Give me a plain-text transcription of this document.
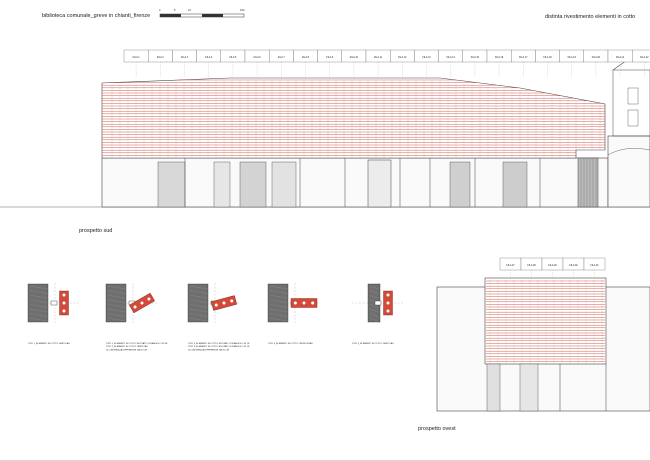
biblioteca comunale_greve in chianti_firenze	distinta rivestimento elementi in cotto
0	5	10	15m
FILA 1	FILA 2	FILA 3	FILA 4	FILA 5	FILA 6	FILA 7	FILA 8	FILA 9	FILA 10	FILA 11	FILA 12	FILA 13	FILA 14	FILA 15	FILA 16	FILA 17	FILA 18	FILA 19	FILA 20	FILA 21	FILA 22
prospetto sud
TIPO 1_ELEMENTI IN COTTO VERTICALI	TIPO 2_ELEMENTI IN COTTO RUOTATI CON ANGOLO DI 30°
TIPO 2_ELEMENTI IN COTTO VERTICALI
DI LUNGHEZZA DIFFERENTE DA 25 CM
TIPO 3_ELEMENTI IN COTTO RUOTATI CON ANGOLO DI 15°
TIPO 3_ELEMENTI IN COTTO RUOTATI CON ANGOLO DI 15°
DI LUNGHEZZA DIFFERENTE DA 25 CM
TIPO 4_ELEMENTI IN COTTO ORIZZONTALI	TIPO 5_ELEMENTI IN COTTO VERTICALI
FILA 27	FILA 28	FILA 29	FILA 30	FILA 31
prospetto ovest
